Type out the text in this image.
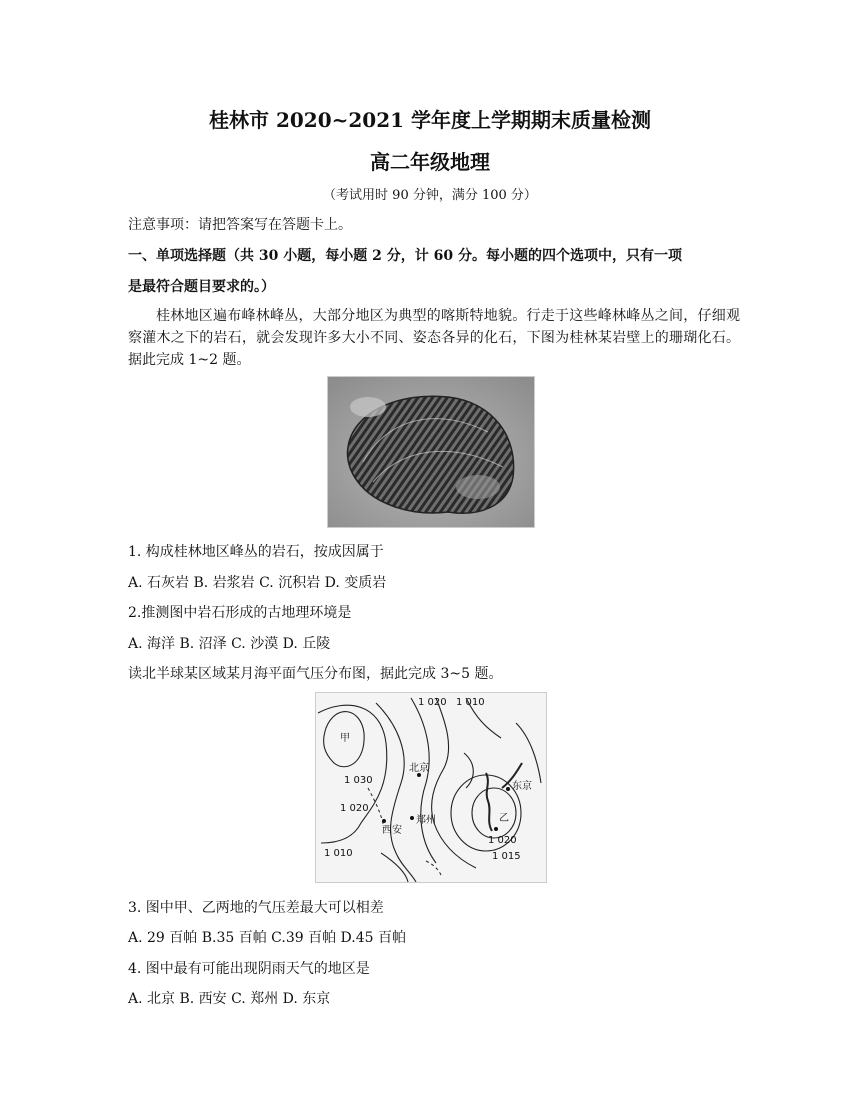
桂林市 2020~2021 学年度上学期期末质量检测
高二年级地理
（考试用时 90 分钟，满分 100 分）
注意事项：请把答案写在答题卡上。
一、单项选择题（共 30 小题，每小题 2 分，计 60 分。每小题的四个选项中，只有一项
是最符合题目要求的。）
桂林地区遍布峰林峰丛，大部分地区为典型的喀斯特地貌。行走于这些峰林峰丛之间，仔细观察灌木之下的岩石，就会发现许多大小不同、姿态各异的化石，下图为桂林某岩壁上的珊瑚化石。据此完成 1~2 题。
1. 构成桂林地区峰丛的岩石，按成因属于
A. 石灰岩 B. 岩浆岩 C. 沉积岩 D. 变质岩
2.推测图中岩石形成的古地理环境是
A. 海洋 B. 沼泽 C. 沙漠 D. 丘陵
读北半球某区域某月海平面气压分布图，据此完成 3~5 题。
甲
乙
北京
西安
郑州
东京
1 020 1 010
1 030
1 020
1 010
1 020
1 015
3. 图中甲、乙两地的气压差最大可以相差
A. 29 百帕 B.35 百帕 C.39 百帕 D.45 百帕
4. 图中最有可能出现阴雨天气的地区是
A. 北京 B. 西安 C. 郑州 D. 东京
